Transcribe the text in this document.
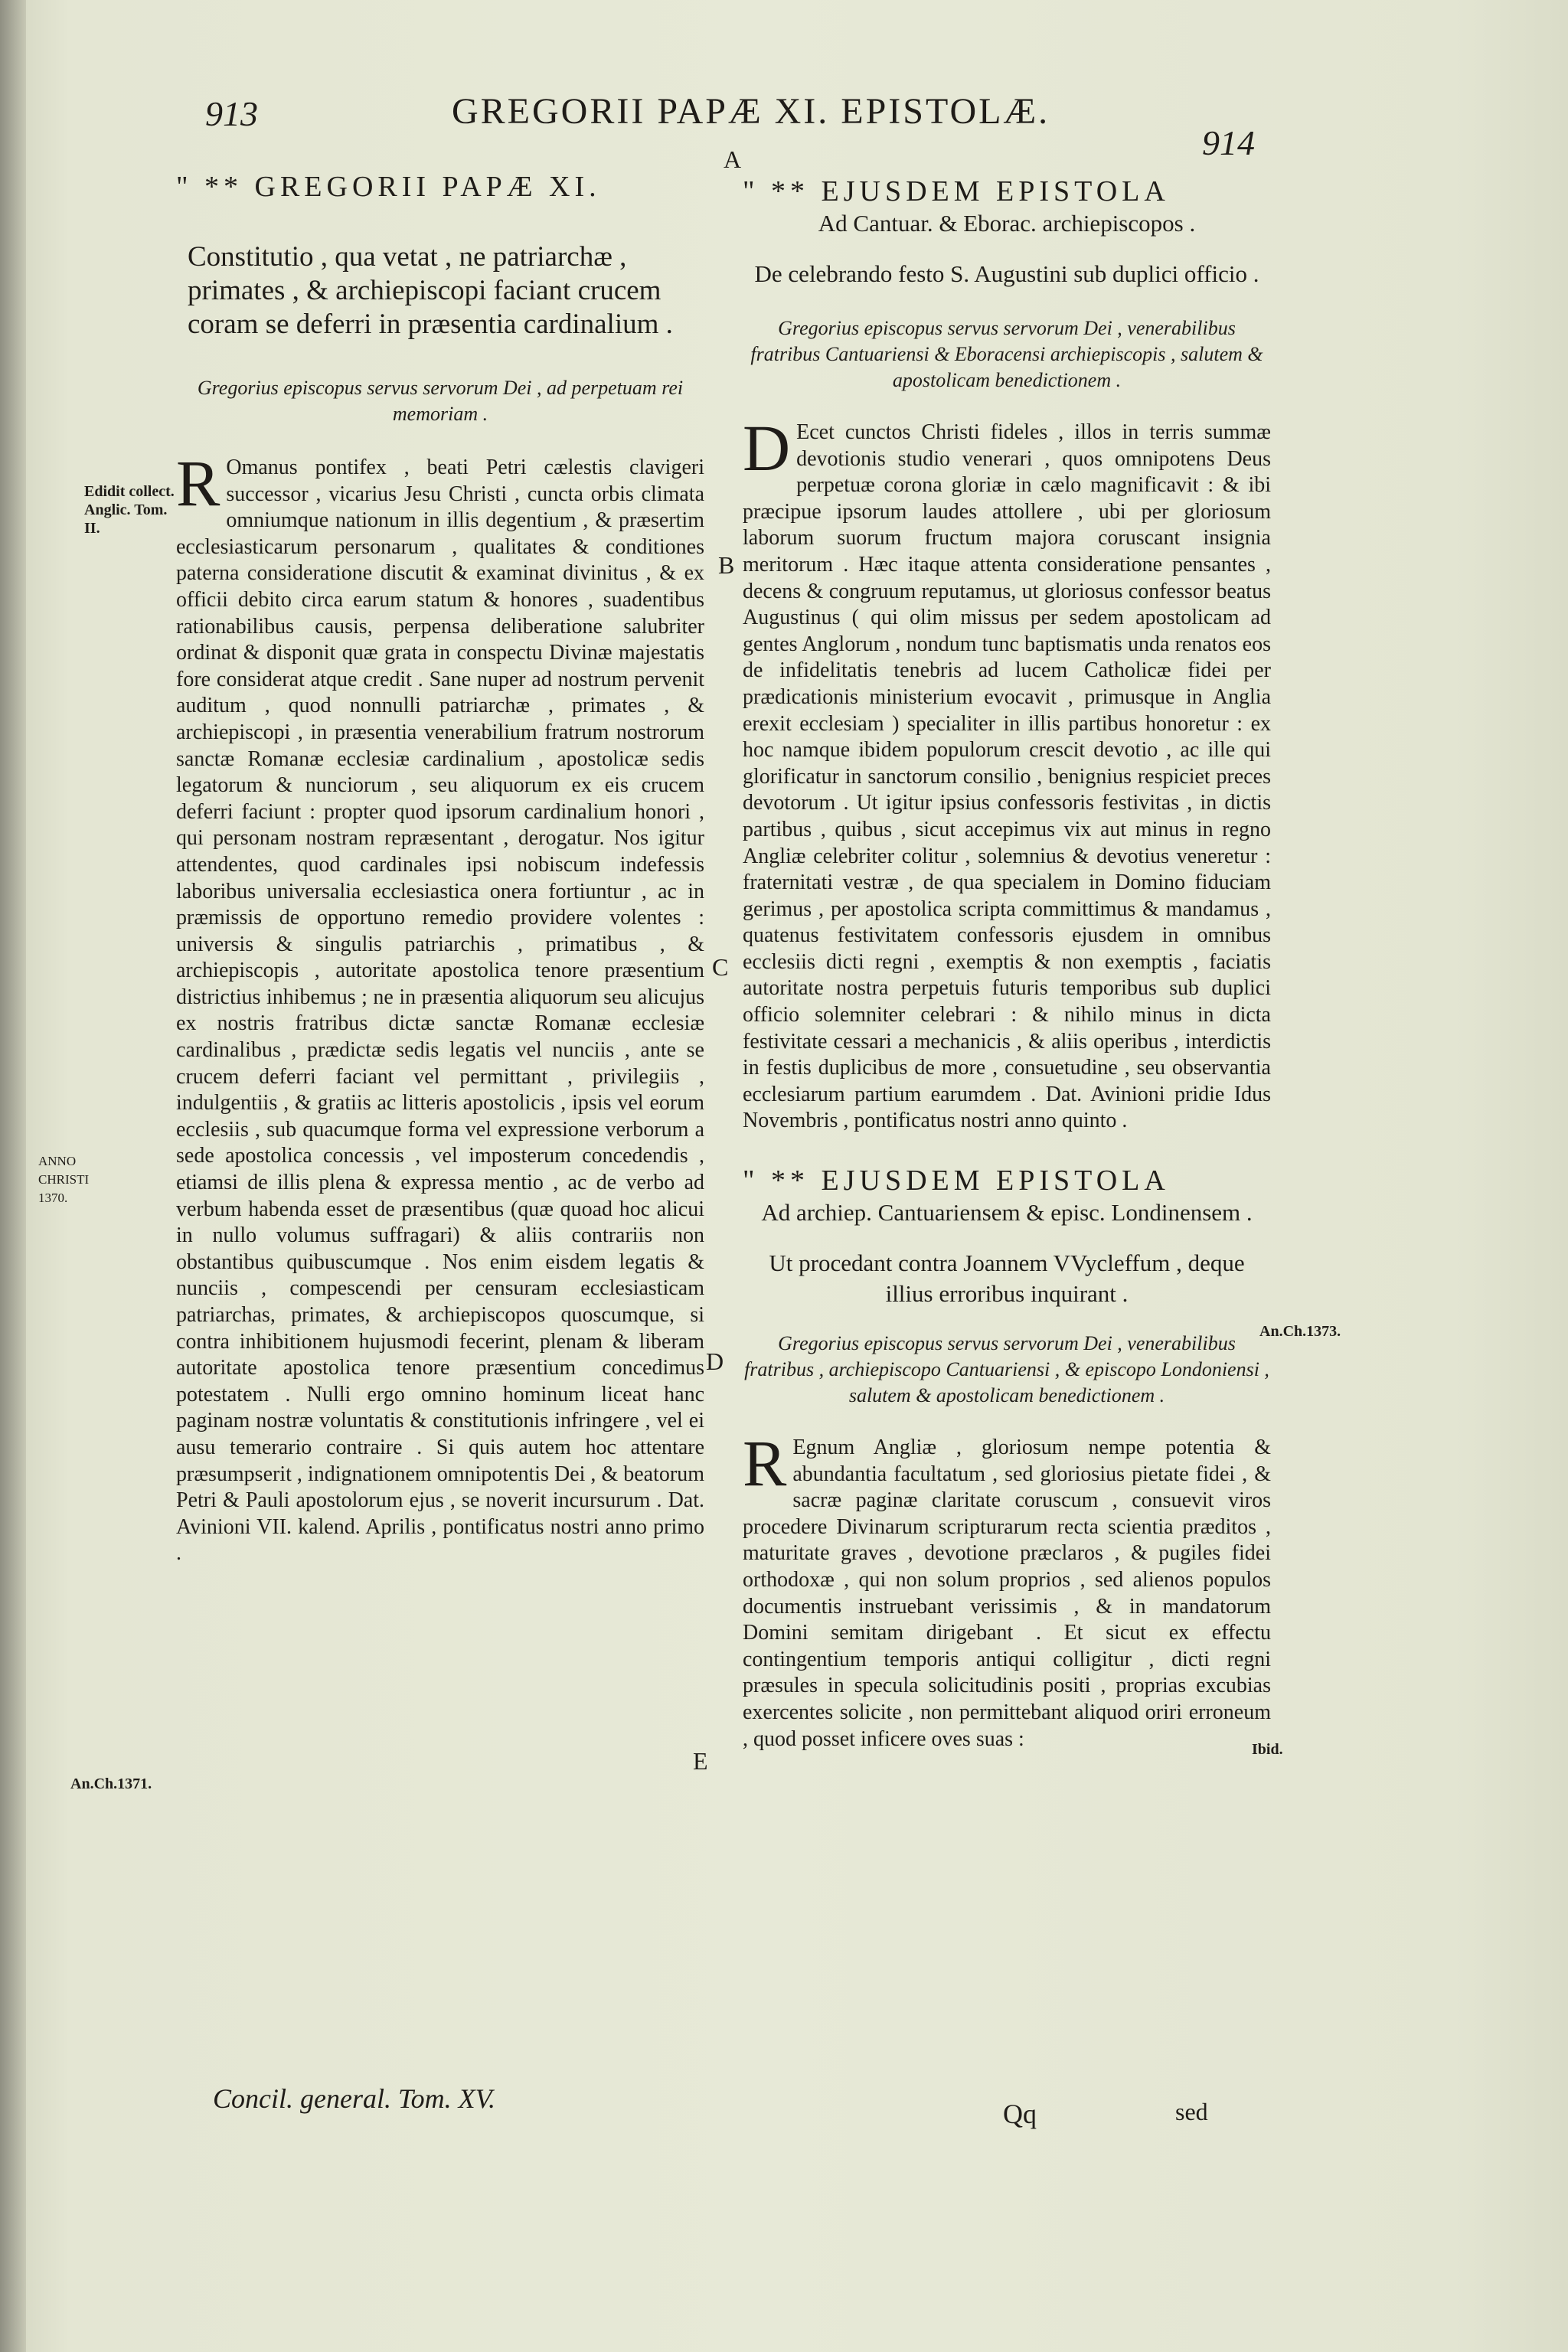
913	GREGORII PAPÆ XI. EPISTOLÆ.
914
A
B
C
D
E
Edidit collect. Anglic. Tom. II.
ANNO CHRISTI 1370.
An.Ch.1373.
An.Ch.1371.
Ibid.

" ** GREGORII PAPÆ XI.

Constitutio , qua vetat , ne patriarchæ , primates , & archiepiscopi faciant crucem coram se deferri in præsentia cardinalium .

Gregorius episcopus servus servorum Dei , ad perpetuam rei memoriam .

R Omanus pontifex , beati Petri cælestis clavigeri successor , vicarius Jesu Christi , cuncta orbis climata omniumque nationum in illis degentium , & præsertim ecclesiasticarum personarum , qualitates & conditiones paterna consideratione discutit & examinat divinitus , & ex officii debito circa earum statum & honores , suadentibus rationabilibus causis, perpensa deliberatione salubriter ordinat & disponit quæ grata in conspectu Divinæ majestatis fore considerat atque credit . Sane nuper ad nostrum pervenit auditum , quod nonnulli patriarchæ , primates , & archiepiscopi , in præsentia venerabilium fratrum nostrorum sanctæ Romanæ ecclesiæ cardinalium , apostolicæ sedis legatorum & nunciorum , seu aliquorum ex eis crucem deferri faciunt : propter quod ipsorum cardinalium honori , qui personam nostram repræsentant , derogatur. Nos igitur attendentes, quod cardinales ipsi nobiscum indefessis laboribus universalia ecclesiastica onera fortiuntur , ac in præmissis de opportuno remedio providere volentes : universis & singulis patriarchis , primatibus , & archiepiscopis , autoritate apostolica tenore præsentium districtius inhibemus ; ne in præsentia aliquorum seu alicujus ex nostris fratribus dictæ sanctæ Romanæ ecclesiæ cardinalibus , prædictæ sedis legatis vel nunciis , ante se crucem deferri faciant vel permittant , privilegiis , indulgentiis , & gratiis ac litteris apostolicis , ipsis vel eorum ecclesiis , sub quacumque forma vel expressione verborum a sede apostolica concessis , vel imposterum concedendis , etiamsi de illis plena & expressa mentio , ac de verbo ad verbum habenda esset de præsentibus (quæ quoad hoc alicui in nullo volumus suffragari) & aliis contrariis non obstantibus quibuscumque . Nos enim eisdem legatis & nunciis , compescendi per censuram ecclesiasticam patriarchas, primates, & archiepiscopos quoscumque, si contra inhibitionem hujusmodi fecerint, plenam & liberam autoritate apostolica tenore præsentium concedimus potestatem . Nulli ergo omnino hominum liceat hanc paginam nostræ voluntatis & constitutionis infringere , vel ei ausu temerario contraire . Si quis autem hoc attentare præsumpserit , indignationem omnipotentis Dei , & beatorum Petri & Pauli apostolorum ejus , se noverit incursurum . Dat. Avinioni VII. kalend. Aprilis , pontificatus nostri anno primo .

" ** EJUSDEM EPISTOLA

Ad Cantuar. & Eborac. archiepiscopos .

De celebrando festo S. Augustini sub duplici officio .

Gregorius episcopus servus servorum Dei , venerabilibus fratribus Cantuariensi & Eboracensi archiepiscopis , salutem & apostolicam benedictionem .

D Ecet cunctos Christi fideles , illos in terris summæ devotionis studio venerari , quos omnipotens Deus perpetuæ corona gloriæ in cælo magnificavit : & ibi præcipue ipsorum laudes attollere , ubi per gloriosum laborum suorum fructum majora coruscant insignia meritorum . Hæc itaque attenta consideratione pensantes , decens & congruum reputamus, ut gloriosus confessor beatus Augustinus ( qui olim missus per sedem apostolicam ad gentes Anglorum , nondum tunc baptismatis unda renatos eos de infidelitatis tenebris ad lucem Catholicæ fidei per prædicationis ministerium evocavit , primusque in Anglia erexit ecclesiam ) specialiter in illis partibus honoretur : ex hoc namque ibidem populorum crescit devotio , ac ille qui glorificatur in sanctorum consilio , benignius respiciet preces devotorum . Ut igitur ipsius confessoris festivitas , in dictis partibus , quibus , sicut accepimus vix aut minus in regno Angliæ celebriter colitur , solemnius & devotius veneretur : fraternitati vestræ , de qua specialem in Domino fiduciam gerimus , per apostolica scripta committimus & mandamus , quatenus festivitatem confessoris ejusdem in omnibus ecclesiis dicti regni , exemptis & non exemptis , faciatis autoritate nostra perpetuis futuris temporibus sub duplici officio solemniter celebrari : & nihilo minus in dicta festivitate cessari a mechanicis , & aliis operibus , interdictis in festis duplicibus de more , consuetudine , seu observantia ecclesiarum partium earumdem . Dat. Avinioni pridie Idus Novembris , pontificatus nostri anno quinto .

" ** EJUSDEM EPISTOLA

Ad archiep. Cantuariensem & episc. Londinensem .

Ut procedant contra Joannem VVycleffum , deque illius erroribus inquirant .

Gregorius episcopus servus servorum Dei , venerabilibus fratribus , archiepiscopo Cantuariensi , & episcopo Londoniensi , salutem & apostolicam benedictionem .

R Egnum Angliæ , gloriosum nempe potentia & abundantia facultatum , sed gloriosius pietate fidei , & sacræ paginæ claritate coruscum , consuevit viros procedere Divinarum scripturarum recta scientia præditos , maturitate graves , devotione præclaros , & pugiles fidei orthodoxæ , qui non solum proprios , sed alienos populos documentis instruebant verissimis , & in mandatorum Domini semitam dirigebant . Et sicut ex effectu contingentium temporis antiqui colligitur , dicti regni præsules in specula solicitudinis positi , proprias excubias exercentes solicite , non permittebant aliquod oriri erroneum , quod posset inficere oves suas :

Concil. general. Tom. XV.	Qq	sed
